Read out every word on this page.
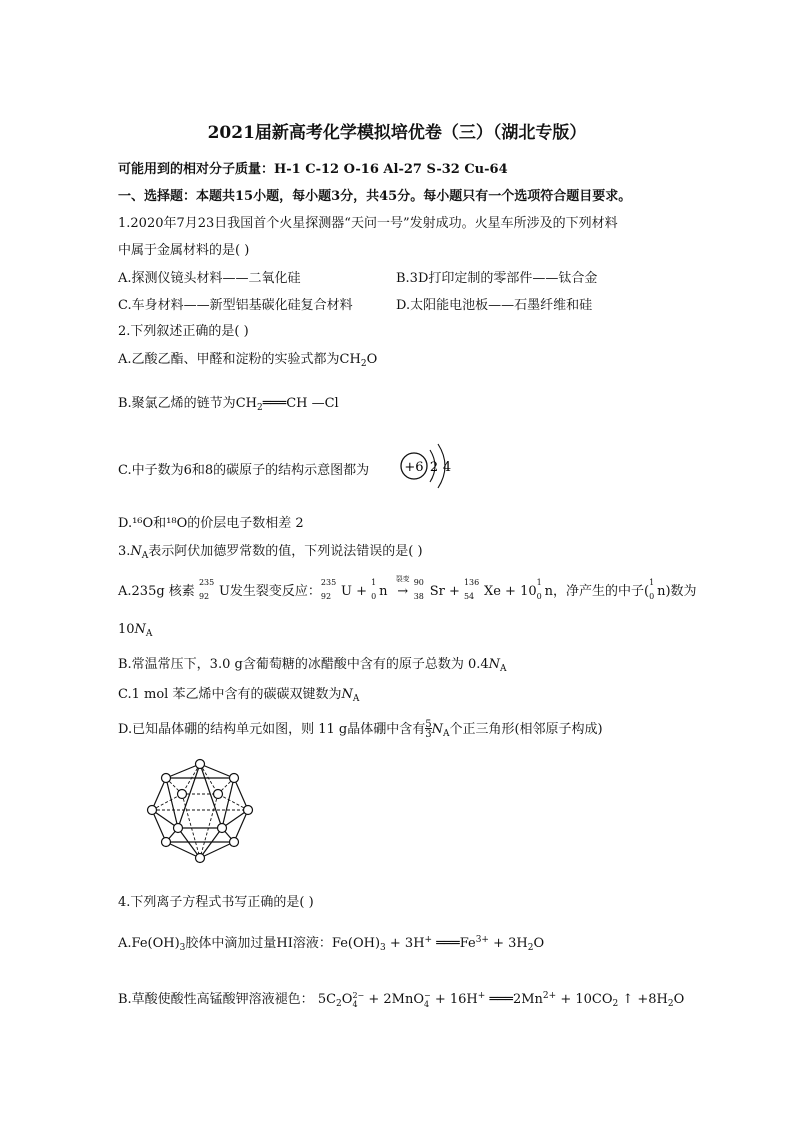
2021届新高考化学模拟培优卷（三）（湖北专版）
可能用到的相对分子质量：H-1 C-12 O-16 Al-27 S-32 Cu-64
一、选择题：本题共15小题，每小题3分，共45分。每小题只有一个选项符合题目要求。
1.2020年7月23日我国首个火星探测器“天问一号”发射成功。火星车所涉及的下列材料
中属于金属材料的是( )
A.探测仪镜头材料——二氧化硅	B.3D打印定制的零部件——钛合金
C.车身材料——新型铝基碳化硅复合材料	D.太阳能电池板——石墨纤维和硅
2.下列叙述正确的是( )
A.乙酸乙酯、甲醛和淀粉的实验式都为$CH_2O$
B.聚氯乙烯的链节为$CH_2═══CH$ —Cl
C.中子数为6和8的碳原子的结构示意图都为	+6 2 4
D.¹⁶O和¹⁸O的价层电子数相差 2
$3.N_A$表示阿伏加德罗常数的值，下列说法错误的是( )
A.235g 核素
235
92 U发生裂变反应：
235
92 U +
1
0 n
裂变
→
90
38 Sr +
136
54 Xe + 10
1
0 n，净产生的中子(
1
0 n)数为
$10N_A$
B.常温常压下，3.0 g含葡萄糖的冰醋酸中含有的原子总数为 $0.4N_A$
C.1 mol 苯乙烯中含有的碳碳双键数为$N_A$
D.已知晶体硼的结构单元如图，则 11 g晶体硼中含有$\frac{5}{3}N_A$个正三角形(相邻原子构成)
4.下列离子方程式书写正确的是( )
$A.Fe(OH)_3$胶体中滴加过量HI溶液：$Fe(OH)_3 + 3H^+$ $═══Fe^{3+} + 3H_2O$
B.草酸使酸性高锰酸钾溶液褪色： $5C_2O2-$
4 + 2MnO−
4 + 16H+ $═══2Mn^{2+} + 10CO_2$ ↑ $+8H_2O$
